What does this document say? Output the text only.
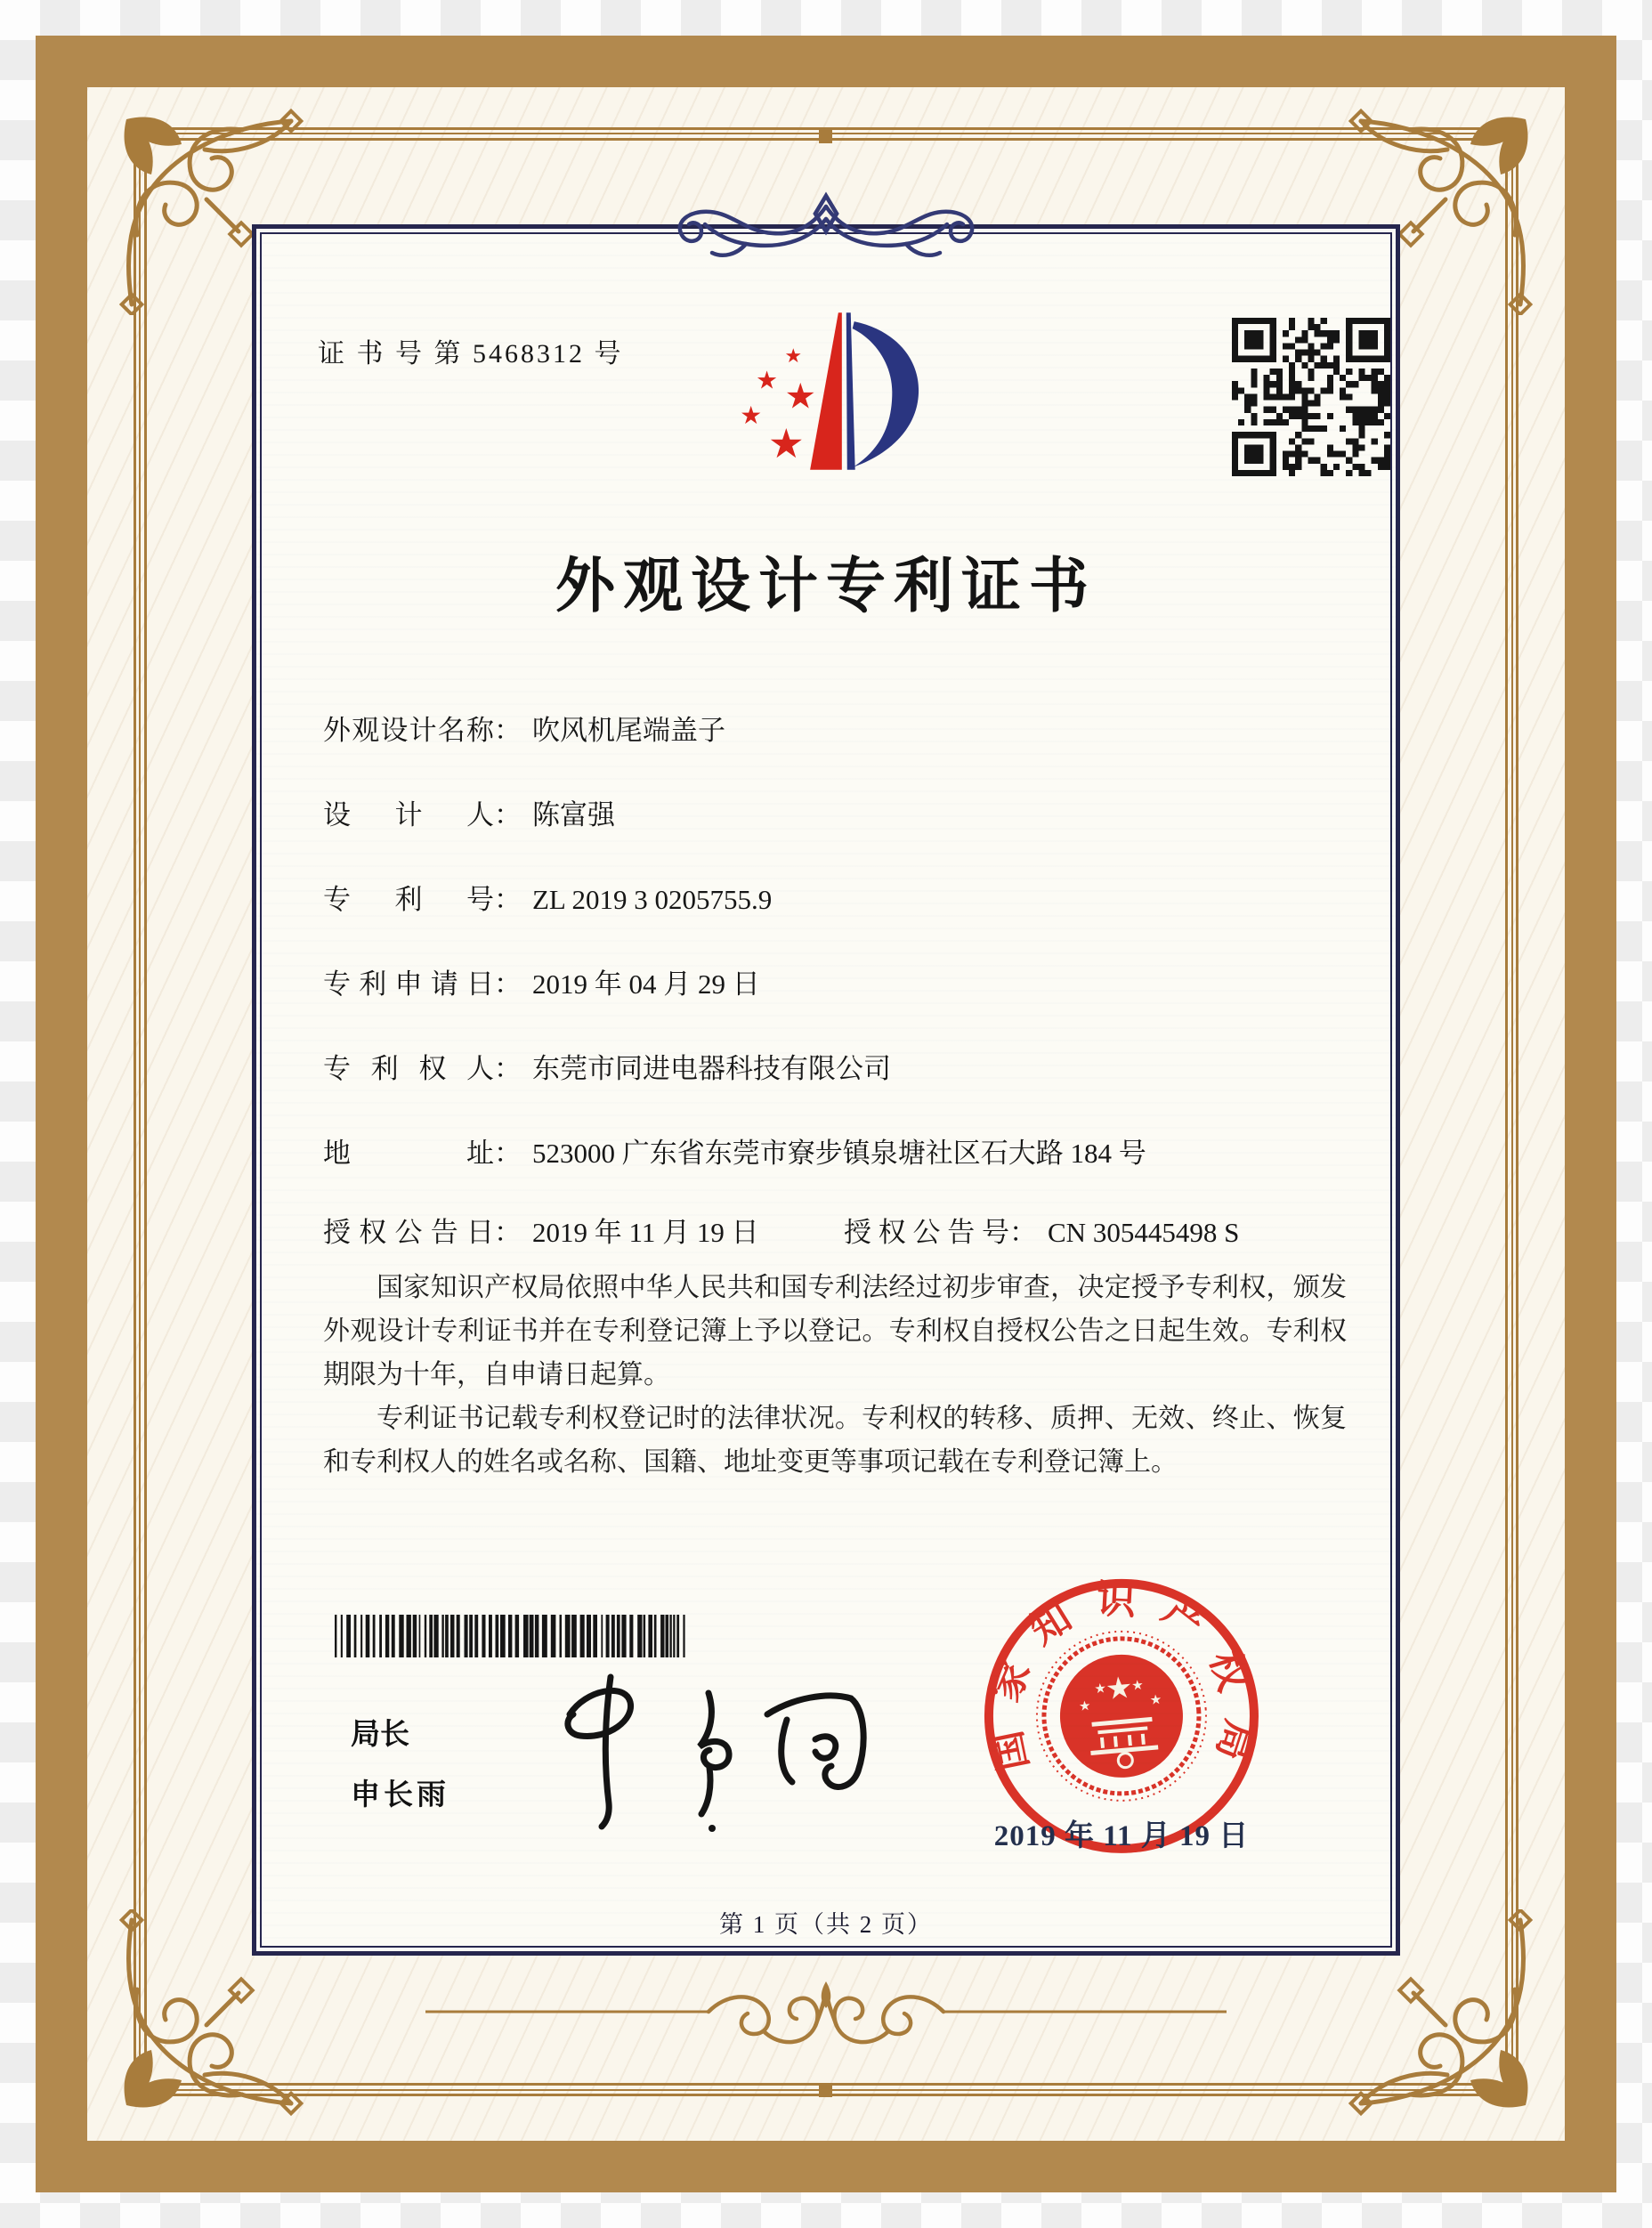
证 书 号 第 5468312 号	★
★ ★
★
★
外观设计专利证书
外观设计名称 ： 吹风机尾端盖子
设计人 ： 陈富强
专利号 ： ZL 2019 3 0205755.9
专利申请日 ： 2019 年 04 月 29 日
专利权人 ： 东莞市同进电器科技有限公司
地址 ： 523000 广东省东莞市寮步镇泉塘社区石大路 184 号
授权公告日 ： 2019 年 11 月 19 日	授权公告号 ： CN 305445498 S

国家知识产权局依照中华人民共和国专利法经过初步审查，决定授予专利权，颁发外观设计专利证书并在专利登记簿上予以登记。专利权自授权公告之日起生效。专利权期限为十年，自申请日起算。

专利证书记载专利权登记时的法律状况。专利权的转移、质押、无效、终止、恢复和专利权人的姓名或名称、国籍、地址变更等事项记载在专利登记簿上。

局长
申长雨
国家知识产权局
★
★
★ ★
★
2019 年 11 月 19 日
第 1 页（共 2 页）
